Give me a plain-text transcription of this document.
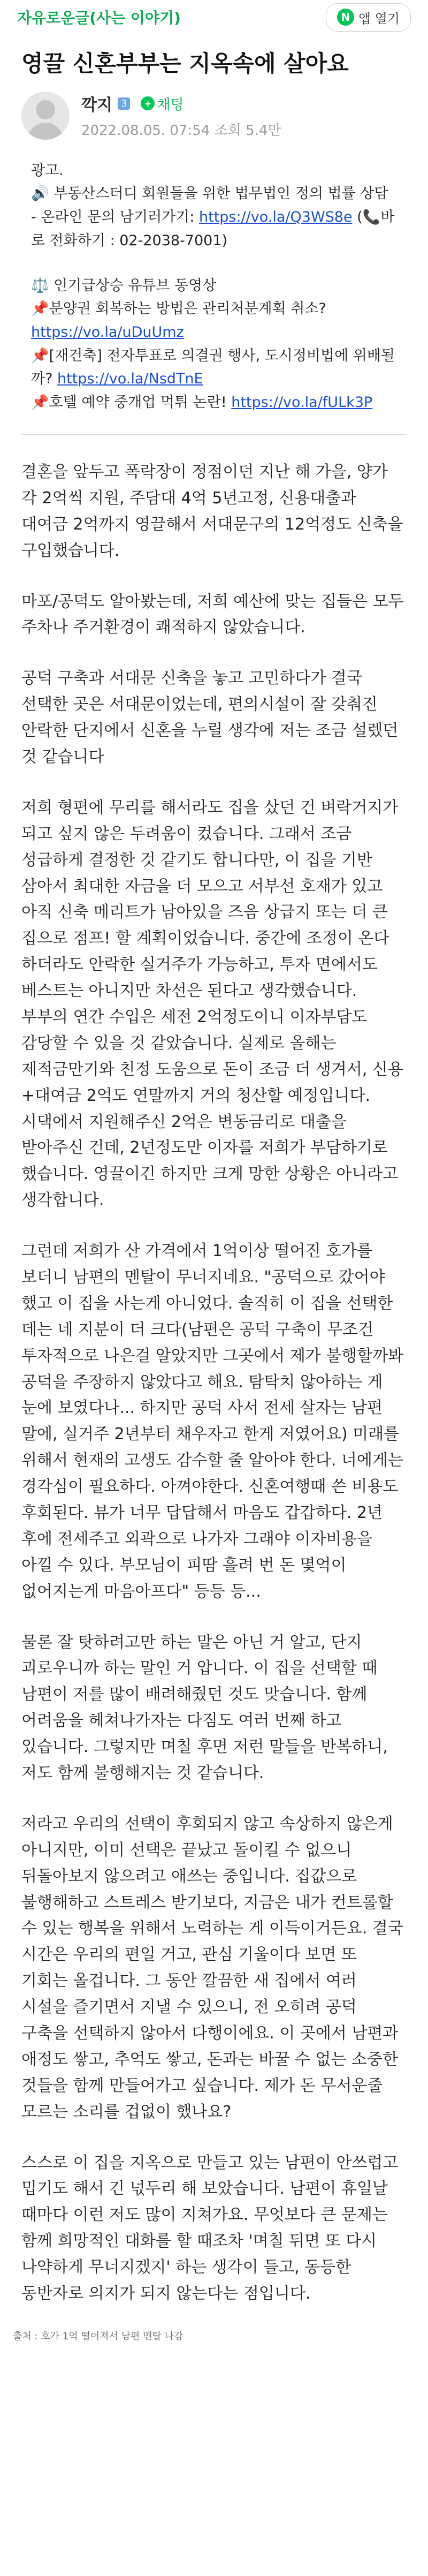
자유로운글(사는 이야기)	N 앱 열기
영끌 신혼부부는 지옥속에 살아요
깍지 3	+ 채팅
2022.08.05. 07:54 조회 5.4만

광고.

🔊 부동산스터디 회원들을 위한 법무법인 정의 법률 상담

- 온라인 문의 남기러가기: https://vo.la/Q3WS8e (📞바로 전화하기 : 02-2038-7001)

⚖️ 인기급상승 유튜브 동영상

📌분양권 회복하는 방법은 관리처분계획 취소? https://vo.la/uDuUmz

📌[재건축] 전자투표로 의결권 행사, 도시정비법에 위배될까? https://vo.la/NsdTnE

📌호텔 예약 중개업 먹튀 논란! https://vo.la/fULk3P

결혼을 앞두고 폭락장이 정점이던 지난 해 가을, 양가 각 2억씩 지원, 주담대 4억 5년고정, 신용대출과 대여금 2억까지 영끌해서 서대문구의 12억정도 신축을 구입했습니다.

마포/공덕도 알아봤는데, 저희 예산에 맞는 집들은 모두 주차나 주거환경이 쾌적하지 않았습니다.

공덕 구축과 서대문 신축을 놓고 고민하다가 결국 선택한 곳은 서대문이었는데, 편의시설이 잘 갖춰진 안락한 단지에서 신혼을 누릴 생각에 저는 조금 설렜던 것 같습니다

저희 형편에 무리를 해서라도 집을 샀던 건 벼락거지가 되고 싶지 않은 두려움이 컸습니다. 그래서 조금 성급하게 결정한 것 같기도 합니다만, 이 집을 기반 삼아서 최대한 자금을 더 모으고 서부선 호재가 있고 아직 신축 메리트가 남아있을 즈음 상급지 또는 더 큰 집으로 점프! 할 계획이었습니다. 중간에 조정이 온다 하더라도 안락한 실거주가 가능하고, 투자 면에서도 베스트는 아니지만 차선은 된다고 생각했습니다. 부부의 연간 수입은 세전 2억정도이니 이자부담도 감당할 수 있을 것 같았습니다. 실제로 올해는 제적금만기와 친정 도움으로 돈이 조금 더 생겨서, 신용+대여금 2억도 연말까지 거의 청산할 예정입니다. 시댁에서 지원해주신 2억은 변동금리로 대출을 받아주신 건데, 2년정도만 이자를 저희가 부담하기로 했습니다. 영끌이긴 하지만 크게 망한 상황은 아니라고 생각합니다.

그런데 저희가 산 가격에서 1억이상 떨어진 호가를 보더니 남편의 멘탈이 무너지네요. "공덕으로 갔어야 했고 이 집을 사는게 아니었다. 솔직히 이 집을 선택한 데는 네 지분이 더 크다(남편은 공덕 구축이 무조건 투자적으로 나은걸 알았지만 그곳에서 제가 불행할까봐 공덕을 주장하지 않았다고 해요. 탐탁치 않아하는 게 눈에 보였다나... 하지만 공덕 사서 전세 살자는 남편 말에, 실거주 2년부터 채우자고 한게 저였어요) 미래를 위해서 현재의 고생도 감수할 줄 알아야 한다. 너에게는 경각심이 필요하다. 아껴야한다. 신혼여행때 쓴 비용도 후회된다. 뷰가 너무 답답해서 마음도 갑갑하다. 2년 후에 전세주고 외곽으로 나가자 그래야 이자비용을 아낄 수 있다. 부모님이 피땀 흘려 번 돈 몇억이 없어지는게 마음아프다" 등등 등...

물론 잘 탓하려고만 하는 말은 아닌 거 알고, 단지 괴로우니까 하는 말인 거 압니다. 이 집을 선택할 때 남편이 저를 많이 배려해줬던 것도 맞습니다. 함께 어려움을 헤쳐나가자는 다짐도 여러 번째 하고 있습니다. 그렇지만 며칠 후면 저런 말들을 반복하니, 저도 함께 불행해지는 것 같습니다.

저라고 우리의 선택이 후회되지 않고 속상하지 않은게 아니지만, 이미 선택은 끝났고 돌이킬 수 없으니 뒤돌아보지 않으려고 애쓰는 중입니다. 집값으로 불행해하고 스트레스 받기보다, 지금은 내가 컨트롤할 수 있는 행복을 위해서 노력하는 게 이득이거든요. 결국 시간은 우리의 편일 거고, 관심 기울이다 보면 또 기회는 올겁니다. 그 동안 깔끔한 새 집에서 여러 시설을 즐기면서 지낼 수 있으니, 전 오히려 공덕 구축을 선택하지 않아서 다행이에요. 이 곳에서 남편과 애정도 쌓고, 추억도 쌓고, 돈과는 바꿀 수 없는 소중한 것들을 함께 만들어가고 싶습니다. 제가 돈 무서운줄 모르는 소리를 겁없이 했나요?

스스로 이 집을 지옥으로 만들고 있는 남편이 안쓰럽고 밉기도 해서 긴 넋두리 해 보았습니다. 남편이 휴일날 때마다 이런 저도 많이 지쳐가요. 무엇보다 큰 문제는 함께 희망적인 대화를 할 때조차 '며칠 뒤면 또 다시 나약하게 무너지겠지' 하는 생각이 들고, 동등한 동반자로 의지가 되지 않는다는 점입니다.

출처 : 호가 1억 떨어져서 남편 멘탈 나감
